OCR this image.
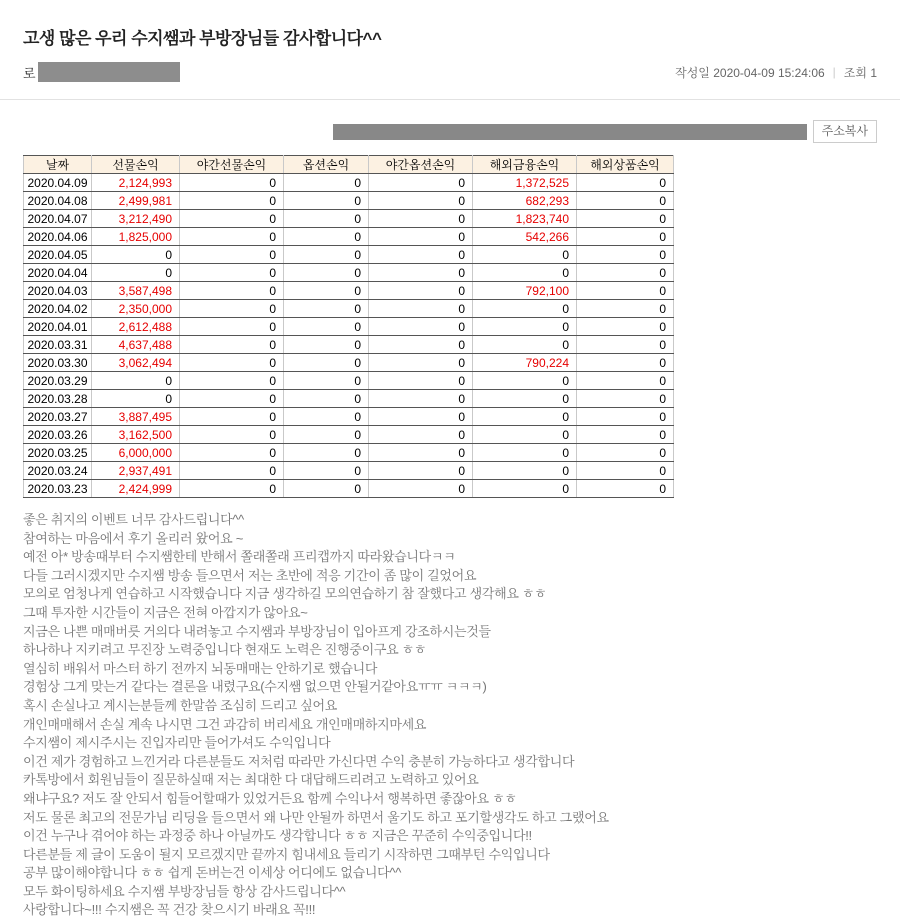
고생 많은 우리 수지쌤과 부방장님들 감사합니다^^
로	작성일 2020-04-09 15:24:06 | 조회 1
주소복사
날짜	선물손익	야간선물손익	옵션손익	야간옵션손익	해외금융손익	해외상품손익
2020.04.09	2,124,993	0	0	0	1,372,525	0
2020.04.08	2,499,981	0	0	0	682,293	0
2020.04.07	3,212,490	0	0	0	1,823,740	0
2020.04.06	1,825,000	0	0	0	542,266	0
2020.04.05	0	0	0	0	0	0
2020.04.04	0	0	0	0	0	0
2020.04.03	3,587,498	0	0	0	792,100	0
2020.04.02	2,350,000	0	0	0	0	0
2020.04.01	2,612,488	0	0	0	0	0
2020.03.31	4,637,488	0	0	0	0	0
2020.03.30	3,062,494	0	0	0	790,224	0
2020.03.29	0	0	0	0	0	0
2020.03.28	0	0	0	0	0	0
2020.03.27	3,887,495	0	0	0	0	0
2020.03.26	3,162,500	0	0	0	0	0
2020.03.25	6,000,000	0	0	0	0	0
2020.03.24	2,937,491	0	0	0	0	0
2020.03.23	2,424,999	0	0	0	0	0
좋은 취지의 이벤트 너무 감사드립니다^^
참여하는 마음에서 후기 올리러 왔어요 ~
예전 아* 방송때부터 수지쌤한테 반해서 쫄래쫄래 프리캡까지 따라왔습니다ㅋㅋ
다들 그러시겠지만 수지쌤 방송 들으면서 저는 초반에 적응 기간이 좀 많이 길었어요
모의로 엄청나게 연습하고 시작했습니다 지금 생각하길 모의연습하기 참 잘했다고 생각해요 ㅎㅎ
그때 투자한 시간들이 지금은 전혀 아깝지가 않아요~
지금은 나쁜 매매버릇 거의다 내려놓고 수지쌤과 부방장님이 입아프게 강조하시는것들
하나하나 지키려고 무진장 노력중입니다 현재도 노력은 진행중이구요 ㅎㅎ
열심히 배워서 마스터 하기 전까지 뇌동매매는 안하기로 했습니다
경험상 그게 맞는거 같다는 결론을 내렸구요(수지쌤 없으면 안될거같아요ㅠㅠ ㅋㅋㅋ)
혹시 손실나고 계시는분들께 한말씀 조심히 드리고 싶어요
개인매매해서 손실 계속 나시면 그건 과감히 버리세요 개인매매하지마세요
수지쌤이 제시주시는 진입자리만 들어가셔도 수익입니다
이건 제가 경험하고 느낀거라 다른분들도 저처럼 따라만 가신다면 수익 충분히 가능하다고 생각합니다
카톡방에서 회원님들이 질문하실때 저는 최대한 다 대답해드리려고 노력하고 있어요
왜냐구요? 저도 잘 안되서 힘들어할때가 있었거든요 함께 수익나서 행복하면 좋잖아요 ㅎㅎ
저도 물론 최고의 전문가님 리딩을 들으면서 왜 나만 안될까 하면서 울기도 하고 포기할생각도 하고 그랬어요
이건 누구나 겪어야 하는 과정중 하나 아닐까도 생각합니다 ㅎㅎ 지금은 꾸준히 수익중입니다!!
다른분들 제 글이 도움이 될지 모르겠지만 끝까지 힘내세요 들리기 시작하면 그때부턴 수익입니다
공부 많이해야합니다 ㅎㅎ 쉽게 돈버는건 이세상 어디에도 없습니다^^
모두 화이팅하세요 수지쌤 부방장님들 항상 감사드립니다^^
사랑합니다~!!! 수지쌤은 꼭 건강 찾으시기 바래요 꼭!!!
